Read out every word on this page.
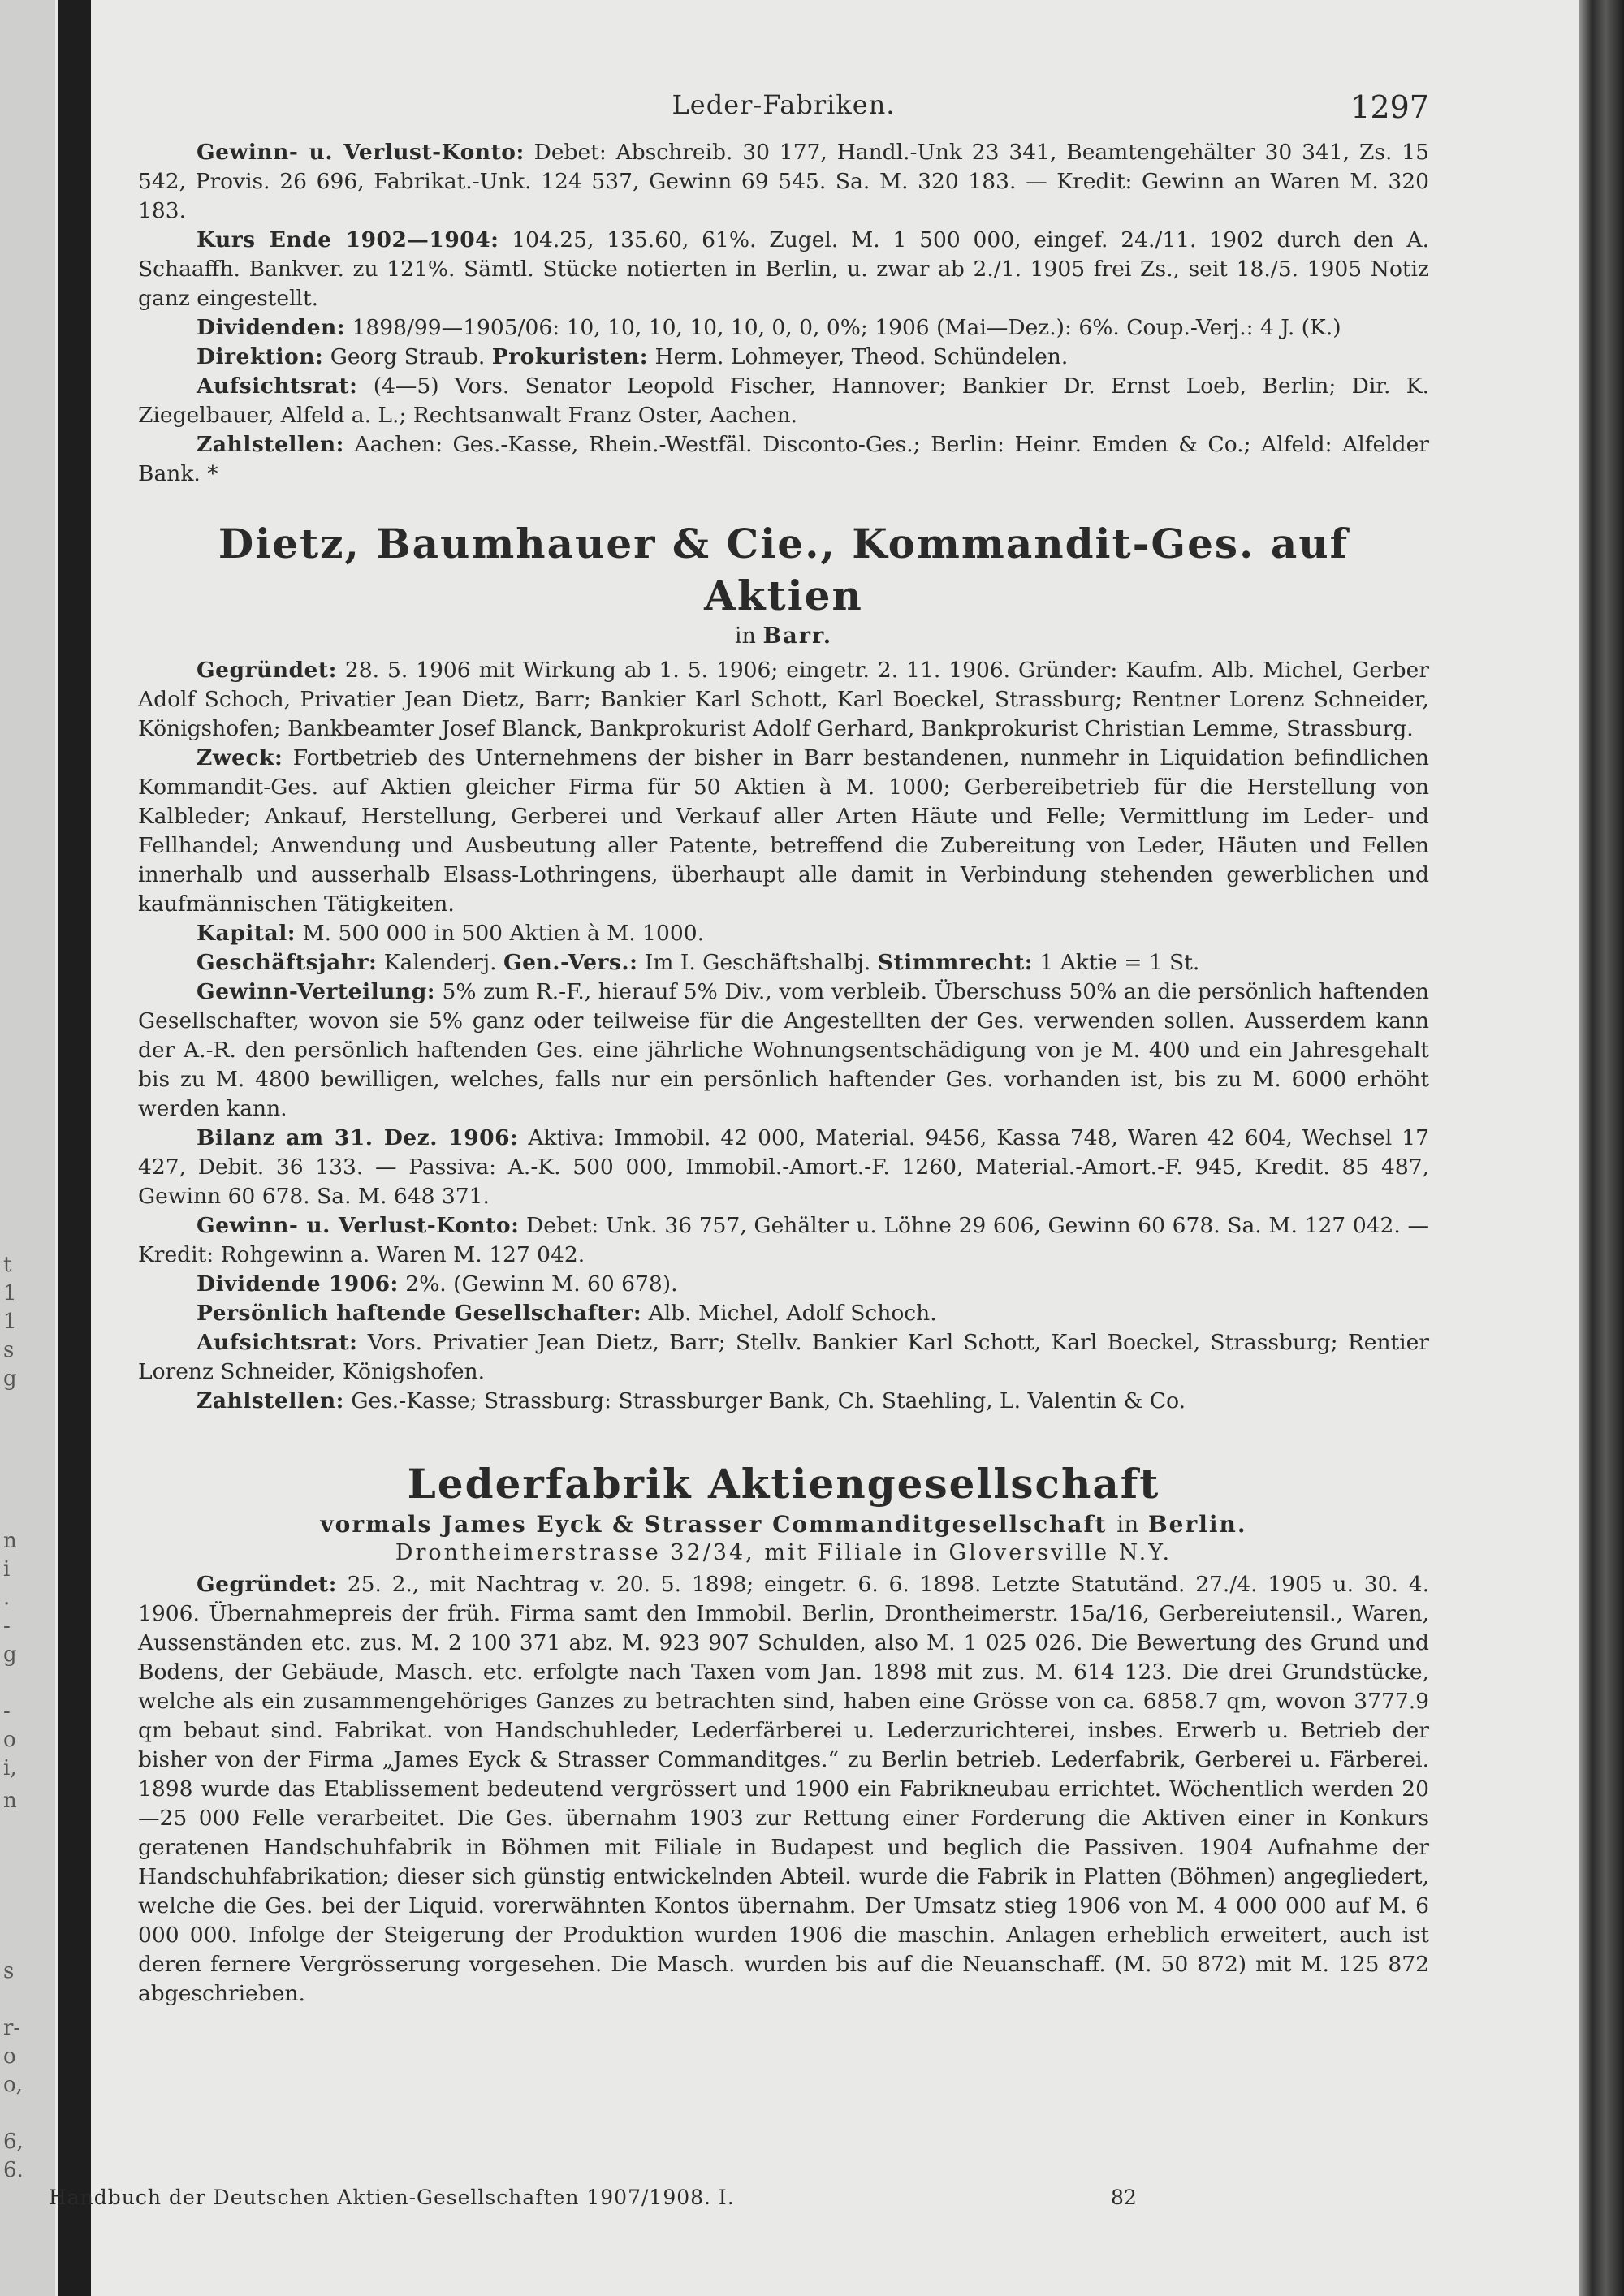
t
1
1
s
g
n
i
.
-
g
-
o
i,
n
s
r-
o
o,
6,
6.
Leder-Fabriken.	1297

Gewinn- u. Verlust-Konto: Debet: Abschreib. 30 177, Handl.-Unk 23 341, Beamtengehälter 30 341, Zs. 15 542, Provis. 26 696, Fabrikat.-Unk. 124 537, Gewinn 69 545. Sa. M. 320 183. — Kredit: Gewinn an Waren M. 320 183.

Kurs Ende 1902—1904: 104.25, 135.60, 61%. Zugel. M. 1 500 000, eingef. 24./11. 1902 durch den A. Schaaffh. Bankver. zu 121%. Sämtl. Stücke notierten in Berlin, u. zwar ab 2./1. 1905 frei Zs., seit 18./5. 1905 Notiz ganz eingestellt.

Dividenden: 1898/99—1905/06: 10, 10, 10, 10, 10, 0, 0, 0%; 1906 (Mai—Dez.): 6%. Coup.-Verj.: 4 J. (K.)

Direktion: Georg Straub. Prokuristen: Herm. Lohmeyer, Theod. Schündelen.

Aufsichtsrat: (4—5) Vors. Senator Leopold Fischer, Hannover; Bankier Dr. Ernst Loeb, Berlin; Dir. K. Ziegelbauer, Alfeld a. L.; Rechtsanwalt Franz Oster, Aachen.

Zahlstellen: Aachen: Ges.-Kasse, Rhein.-Westfäl. Disconto-Ges.; Berlin: Heinr. Emden & Co.; Alfeld: Alfelder Bank. *

Dietz, Baumhauer & Cie., Kommandit-Ges. auf Aktien

in Barr.

Gegründet: 28. 5. 1906 mit Wirkung ab 1. 5. 1906; eingetr. 2. 11. 1906. Gründer: Kaufm. Alb. Michel, Gerber Adolf Schoch, Privatier Jean Dietz, Barr; Bankier Karl Schott, Karl Boeckel, Strassburg; Rentner Lorenz Schneider, Königshofen; Bankbeamter Josef Blanck, Bankprokurist Adolf Gerhard, Bankprokurist Christian Lemme, Strassburg.

Zweck: Fortbetrieb des Unternehmens der bisher in Barr bestandenen, nunmehr in Liquidation befindlichen Kommandit-Ges. auf Aktien gleicher Firma für 50 Aktien à M. 1000; Gerbereibetrieb für die Herstellung von Kalbleder; Ankauf, Herstellung, Gerberei und Verkauf aller Arten Häute und Felle; Vermittlung im Leder- und Fellhandel; Anwendung und Ausbeutung aller Patente, betreffend die Zubereitung von Leder, Häuten und Fellen innerhalb und ausserhalb Elsass-Lothringens, überhaupt alle damit in Verbindung stehenden gewerblichen und kaufmännischen Tätigkeiten.

Kapital: M. 500 000 in 500 Aktien à M. 1000.

Geschäftsjahr: Kalenderj. Gen.-Vers.: Im I. Geschäftshalbj. Stimmrecht: 1 Aktie = 1 St.

Gewinn-Verteilung: 5% zum R.-F., hierauf 5% Div., vom verbleib. Überschuss 50% an die persönlich haftenden Gesellschafter, wovon sie 5% ganz oder teilweise für die Angestellten der Ges. verwenden sollen. Ausserdem kann der A.-R. den persönlich haftenden Ges. eine jährliche Wohnungsentschädigung von je M. 400 und ein Jahresgehalt bis zu M. 4800 bewilligen, welches, falls nur ein persönlich haftender Ges. vorhanden ist, bis zu M. 6000 erhöht werden kann.

Bilanz am 31. Dez. 1906: Aktiva: Immobil. 42 000, Material. 9456, Kassa 748, Waren 42 604, Wechsel 17 427, Debit. 36 133. — Passiva: A.-K. 500 000, Immobil.-Amort.-F. 1260, Material.-Amort.-F. 945, Kredit. 85 487, Gewinn 60 678. Sa. M. 648 371.

Gewinn- u. Verlust-Konto: Debet: Unk. 36 757, Gehälter u. Löhne 29 606, Gewinn 60 678. Sa. M. 127 042. — Kredit: Rohgewinn a. Waren M. 127 042.

Dividende 1906: 2%. (Gewinn M. 60 678).

Persönlich haftende Gesellschafter: Alb. Michel, Adolf Schoch.

Aufsichtsrat: Vors. Privatier Jean Dietz, Barr; Stellv. Bankier Karl Schott, Karl Boeckel, Strassburg; Rentier Lorenz Schneider, Königshofen.

Zahlstellen: Ges.-Kasse; Strassburg: Strassburger Bank, Ch. Staehling, L. Valentin & Co.

Lederfabrik Aktiengesellschaft

vormals James Eyck & Strasser Commanditgesellschaft in Berlin.

Drontheimerstrasse 32/34, mit Filiale in Gloversville N.Y.

Gegründet: 25. 2., mit Nachtrag v. 20. 5. 1898; eingetr. 6. 6. 1898. Letzte Statutänd. 27./4. 1905 u. 30. 4. 1906. Übernahmepreis der früh. Firma samt den Immobil. Berlin, Drontheimerstr. 15a/16, Gerbereiutensil., Waren, Aussenständen etc. zus. M. 2 100 371 abz. M. 923 907 Schulden, also M. 1 025 026. Die Bewertung des Grund und Bodens, der Gebäude, Masch. etc. erfolgte nach Taxen vom Jan. 1898 mit zus. M. 614 123. Die drei Grundstücke, welche als ein zusammengehöriges Ganzes zu betrachten sind, haben eine Grösse von ca. 6858.7 qm, wovon 3777.9 qm bebaut sind. Fabrikat. von Handschuhleder, Lederfärberei u. Lederzurichterei, insbes. Erwerb u. Betrieb der bisher von der Firma „James Eyck & Strasser Commanditges.“ zu Berlin betrieb. Lederfabrik, Gerberei u. Färberei. 1898 wurde das Etablissement bedeutend vergrössert und 1900 ein Fabrikneubau errichtet. Wöchentlich werden 20—25 000 Felle verarbeitet. Die Ges. übernahm 1903 zur Rettung einer Forderung die Aktiven einer in Konkurs geratenen Handschuhfabrik in Böhmen mit Filiale in Budapest und beglich die Passiven. 1904 Aufnahme der Handschuhfabrikation; dieser sich günstig entwickelnden Abteil. wurde die Fabrik in Platten (Böhmen) angegliedert, welche die Ges. bei der Liquid. vorerwähnten Kontos übernahm. Der Umsatz stieg 1906 von M. 4 000 000 auf M. 6 000 000. Infolge der Steigerung der Produktion wurden 1906 die maschin. Anlagen erheblich erweitert, auch ist deren fernere Vergrösserung vorgesehen. Die Masch. wurden bis auf die Neuanschaff. (M. 50 872) mit M. 125 872 abgeschrieben.

Handbuch der Deutschen Aktien-Gesellschaften 1907/1908. I.	82
